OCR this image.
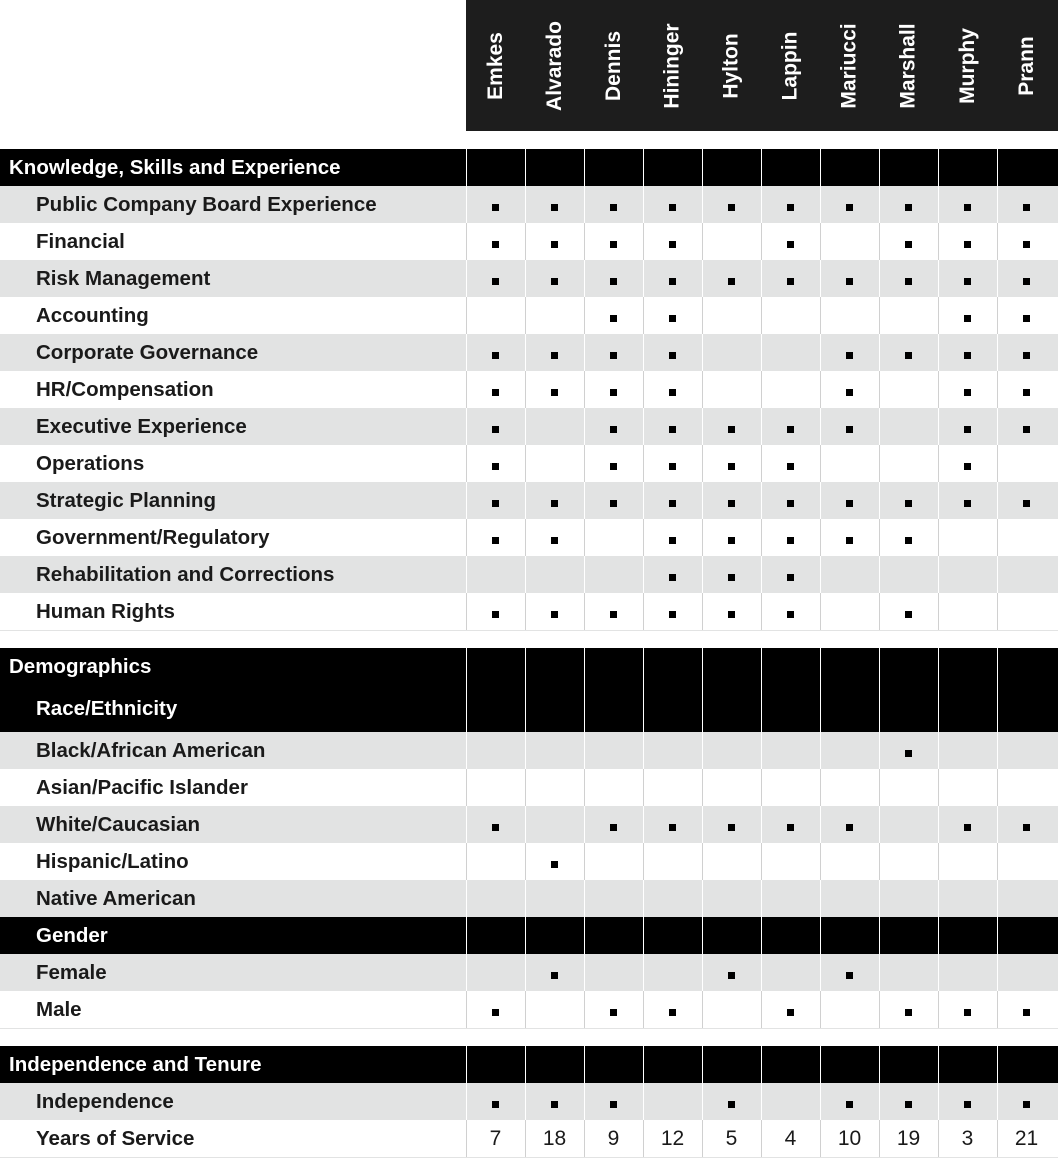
Emkes Alvarado Dennis Hininger Hylton Lappin Mariucci Marshall Murphy Prann
Knowledge, Skills and Experience
Public Company Board Experience
Financial
Risk Management
Accounting
Corporate Governance
HR/Compensation
Executive Experience
Operations
Strategic Planning
Government/Regulatory
Rehabilitation and Corrections
Human Rights
Demographics
Race/Ethnicity
Black/African American
Asian/Pacific Islander
White/Caucasian
Hispanic/Latino
Native American
Gender
Female
Male
Independence and Tenure
Independence
Years of Service	7 18 9 12 5 4 10 19 3 21
